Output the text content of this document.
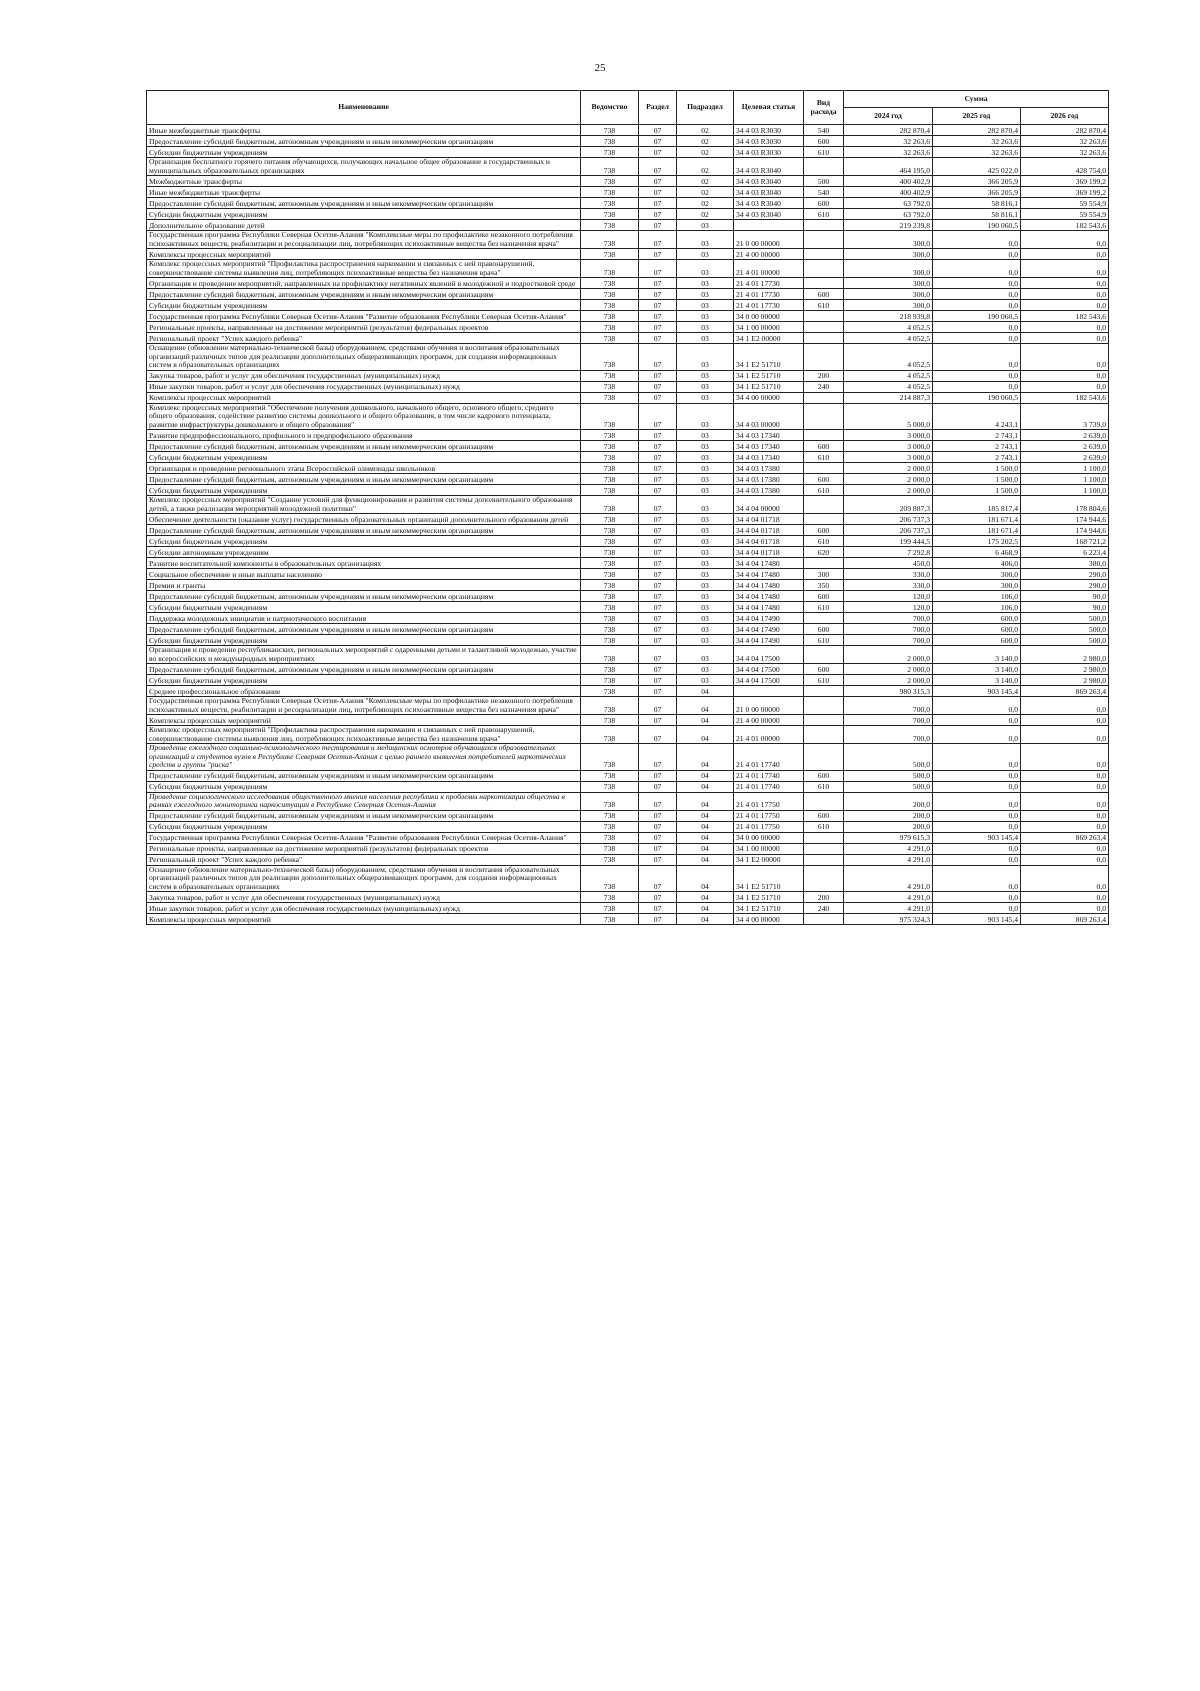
25
Наименование	Ведомство	Раздел	Подраздел	Целевая статья	Вид расхода	Сумма		
						2024 год	2025 год	2026 год
Иные межбюджетные трансферты	738	07	02	34 4 03 R3030	540	282 870,4	282 870,4	282 870,4
Предоставление субсидий бюджетным, автономным учреждениям и иным некоммерческим организациям	738	07	02	34 4 03 R3030	600	32 263,6	32 263,6	32 263,6
Субсидии бюджетным учреждениям	738	07	02	34 4 03 R3030	610	32 263,6	32 263,6	32 263,6
Организация бесплатного горячего питания обучающихся, получающих начальное общее образование в государственных и муниципальных образовательных организациях	738	07	02	34 4 03 R3040		464 195,0	425 022,0	428 754,0
Межбюджетные трансферты	738	07	02	34 4 03 R3040	500	400 402,9	366 205,9	369 199,2
Иные межбюджетные трансферты	738	07	02	34 4 03 R3040	540	400 402,9	366 205,9	369 199,2
Предоставление субсидий бюджетным, автономным учреждениям и иным некоммерческим организациям	738	07	02	34 4 03 R3040	600	63 792,0	58 816,1	59 554,9
Субсидии бюджетным учреждениям	738	07	02	34 4 03 R3040	610	63 792,0	58 816,1	59 554,9
Дополнительное образование детей	738	07	03			219 239,8	190 060,5	182 543,6
Государственная программа Республики Северная Осетия-Алания "Комплексные меры по профилактике незаконного потребления психоактивных веществ, реабилитации и ресоциализации лиц, потребляющих психоактивные вещества без назначения врача"	738	07	03	21 0 00 00000		300,0	0,0	0,0
Комплексы процессных мероприятий	738	07	03	21 4 00 00000		300,0	0,0	0,0
Комплекс процессных мероприятий "Профилактика распространения наркомании и связанных с ней правонарушений, совершенствование системы выявления лиц, потребляющих психоактивные вещества без назначения врача"	738	07	03	21 4 01 00000		300,0	0,0	0,0
Организация и проведение мероприятий, направленных на профилактику негативных явлений в молодежной и подростковой среде	738	07	03	21 4 01 17730		300,0	0,0	0,0
Предоставление субсидий бюджетным, автономным учреждениям и иным некоммерческим организациям	738	07	03	21 4 01 17730	600	300,0	0,0	0,0
Субсидии бюджетным учреждениям	738	07	03	21 4 01 17730	610	300,0	0,0	0,0
Государственная программа Республики Северная Осетия-Алания "Развитие образования Республики Северная Осетия-Алания"	738	07	03	34 0 00 00000		218 939,8	190 060,5	182 543,6
Региональные проекты, направленные на достижение мероприятий (результатов) федеральных проектов	738	07	03	34 1 00 00000		4 052,5	0,0	0,0
Региональный проект "Успех каждого ребенка"	738	07	03	34 1 E2 00000		4 052,5	0,0	0,0
Оснащение (обновление материально-технической базы) оборудованием, средствами обучения и воспитания образовательных организаций различных типов для реализации дополнительных общеразвивающих программ, для создания информационных систем в образовательных организациях	738	07	03	34 1 E2 51710		4 052,5	0,0	0,0
Закупка товаров, работ и услуг для обеспечения государственных (муниципальных) нужд	738	07	03	34 1 E2 51710	200	4 052,5	0,0	0,0
Иные закупки товаров, работ и услуг для обеспечения государственных (муниципальных) нужд	738	07	03	34 1 E2 51710	240	4 052,5	0,0	0,0
Комплексы процессных мероприятий	738	07	03	34 4 00 00000		214 887,3	190 060,5	182 543,6
Комплекс процессных мероприятий "Обеспечение получения дошкольного, начального общего, основного общего, среднего общего образования, содействие развитию системы дошкольного и общего образования, в том числе кадрового потенциала, развитие инфраструктуры дошкольного и общего образования"	738	07	03	34 4 03 00000		5 000,0	4 243,1	3 739,0
Развитие предпрофессионального, профильного и предпрофильного образования	738	07	03	34 4 03 17340		3 000,0	2 743,1	2 639,0
Предоставление субсидий бюджетным, автономным учреждениям и иным некоммерческим организациям	738	07	03	34 4 03 17340	600	3 000,0	2 743,1	2 639,0
Субсидии бюджетным учреждениям	738	07	03	34 4 03 17340	610	3 000,0	2 743,1	2 639,0
Организация и проведение регионального этапа Всероссийской олимпиады школьников	738	07	03	34 4 03 17380		2 000,0	1 500,0	1 100,0
Предоставление субсидий бюджетным, автономным учреждениям и иным некоммерческим организациям	738	07	03	34 4 03 17380	600	2 000,0	1 500,0	1 100,0
Субсидии бюджетным учреждениям	738	07	03	34 4 03 17380	610	2 000,0	1 500,0	1 100,0
Комплекс процессных мероприятий "Создание условий для функционирования и развития системы дополнительного образования детей, а также реализация мероприятий молодежной политики"	738	07	03	34 4 04 00000		209 887,3	185 817,4	178 804,6
Обеспечение деятельности (оказание услуг) государственных образовательных организаций дополнительного образования детей	738	07	03	34 4 04 01718		206 737,3	181 671,4	174 944,6
Предоставление субсидий бюджетным, автономным учреждениям и иным некоммерческим организациям	738	07	03	34 4 04 01718	600	206 737,3	181 671,4	174 944,6
Субсидии бюджетным учреждениям	738	07	03	34 4 04 01718	610	199 444,5	175 202,5	168 721,2
Субсидии автономным учреждениям	738	07	03	34 4 04 01718	620	7 292,8	6 468,9	6 223,4
Развитие воспитательной компоненты в образовательных организациях	738	07	03	34 4 04 17480		450,0	406,0	380,0
Социальное обеспечение и иные выплаты населению	738	07	03	34 4 04 17480	300	330,0	300,0	290,0
Премии и гранты	738	07	03	34 4 04 17480	350	330,0	300,0	290,0
Предоставление субсидий бюджетным, автономным учреждениям и иным некоммерческим организациям	738	07	03	34 4 04 17480	600	120,0	106,0	90,0
Субсидии бюджетным учреждениям	738	07	03	34 4 04 17480	610	120,0	106,0	90,0
Поддержка молодежных инициатив и патриотического воспитания	738	07	03	34 4 04 17490		700,0	600,0	500,0
Предоставление субсидий бюджетным, автономным учреждениям и иным некоммерческим организациям	738	07	03	34 4 04 17490	600	700,0	600,0	500,0
Субсидии бюджетным учреждениям	738	07	03	34 4 04 17490	610	700,0	600,0	500,0
Организация и проведение республиканских, региональных мероприятий с одаренными детьми и талантливой молодежью, участие во всероссийских и международных мероприятиях	738	07	03	34 4 04 17500		2 000,0	3 140,0	2 980,0
Предоставление субсидий бюджетным, автономным учреждениям и иным некоммерческим организациям	738	07	03	34 4 04 17500	600	2 000,0	3 140,0	2 980,0
Субсидии бюджетным учреждениям	738	07	03	34 4 04 17500	610	2 000,0	3 140,0	2 980,0
Среднее профессиональное образование	738	07	04			980 315,3	903 145,4	869 263,4
Государственная программа Республики Северная Осетия-Алания "Комплексные меры по профилактике незаконного потребления психоактивных веществ, реабилитации и ресоциализации лиц, потребляющих психоактивные вещества без назначения врача"	738	07	04	21 0 00 00000		700,0	0,0	0,0
Комплексы процессных мероприятий	738	07	04	21 4 00 00000		700,0	0,0	0,0
Комплекс процессных мероприятий "Профилактика распространения наркомании и связанных с ней правонарушений, совершенствование системы выявления лиц, потребляющих психоактивные вещества без назначения врача"	738	07	04	21 4 01 00000		700,0	0,0	0,0
Проведение ежегодного социально-психологического тестирования и медицинских осмотров обучающихся образовательных организаций и студентов вузов в Республике Северная Осетия-Алания с целью раннего выявления потребителей наркотических средств и группы "риска"	738	07	04	21 4 01 17740		500,0	0,0	0,0
Предоставление субсидий бюджетным, автономным учреждениям и иным некоммерческим организациям	738	07	04	21 4 01 17740	600	500,0	0,0	0,0
Субсидии бюджетным учреждениям	738	07	04	21 4 01 17740	610	500,0	0,0	0,0
Проведение социологического исследования общественного мнения населения республики к проблемы наркотизации общества в рамках ежегодного мониторинга наркоситуации в Республике Северная Осетия-Алания	738	07	04	21 4 01 17750		200,0	0,0	0,0
Предоставление субсидий бюджетным, автономным учреждениям и иным некоммерческим организациям	738	07	04	21 4 01 17750	600	200,0	0,0	0,0
Субсидии бюджетным учреждениям	738	07	04	21 4 01 17750	610	200,0	0,0	0,0
Государственная программа Республики Северная Осетия-Алания "Развитие образования Республики Северная Осетия-Алания"	738	07	04	34 0 00 00000		979 615,3	903 145,4	869 263,4
Региональные проекты, направленные на достижение мероприятий (результатов) федеральных проектов	738	07	04	34 1 00 00000		4 291,0	0,0	0,0
Региональный проект "Успех каждого ребенка"	738	07	04	34 1 E2 00000		4 291,0	0,0	0,0
Оснащение (обновление материально-технической базы) оборудованием, средствами обучения и воспитания образовательных организаций различных типов для реализации дополнительных общеразвивающих программ, для создания информационных систем в образовательных организациях	738	07	04	34 1 E2 51710		4 291,0	0,0	0,0
Закупка товаров, работ и услуг для обеспечения государственных (муниципальных) нужд	738	07	04	34 1 E2 51710	200	4 291,0	0,0	0,0
Иные закупки товаров, работ и услуг для обеспечения государственных (муниципальных) нужд	738	07	04	34 1 E2 51710	240	4 291,0	0,0	0,0
Комплексы процессных мероприятий	738	07	04	34 4 00 00000		975 324,3	903 145,4	869 263,4
